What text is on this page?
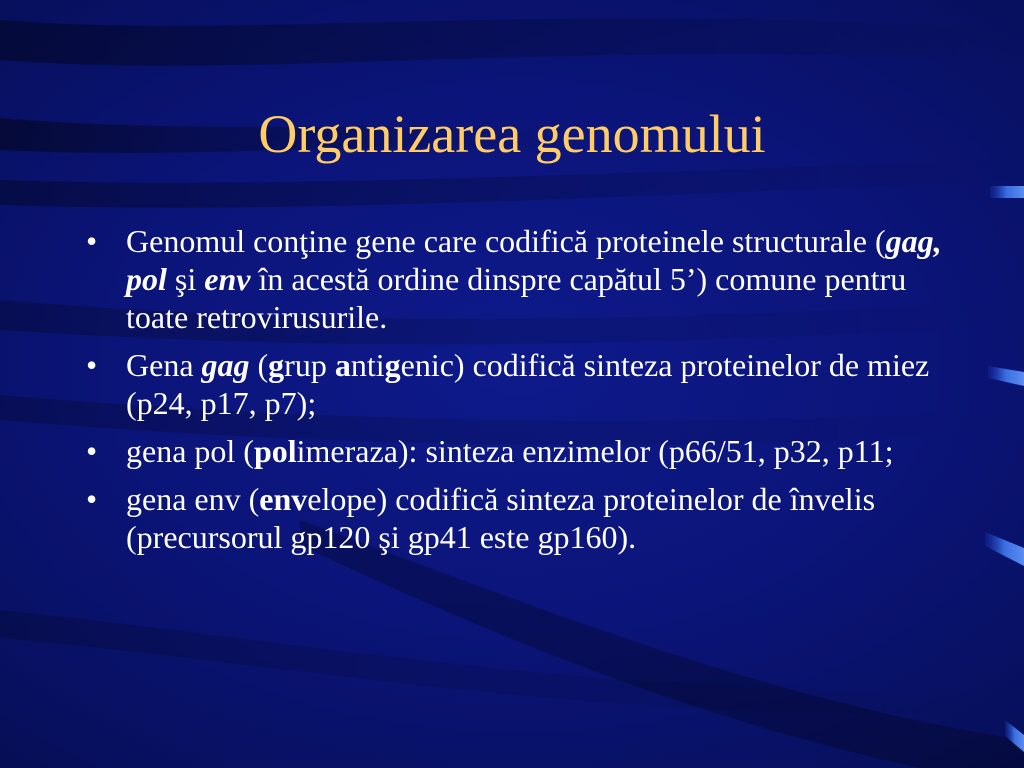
Organizarea genomului
• Genomul conţine gene care codifică proteinele structurale (gag, pol şi env în acestă ordine dinspre capătul 5’) comune pentru toate retrovirusurile.
• Gena gag (grup antigenic) codifică sinteza proteinelor de miez (p24, p17, p7);
• gena pol (polimeraza): sinteza enzimelor (p66/51, p32, p11;
• gena env (envelope) codifică sinteza proteinelor de învelis (precursorul gp120 şi gp41 este gp160).
